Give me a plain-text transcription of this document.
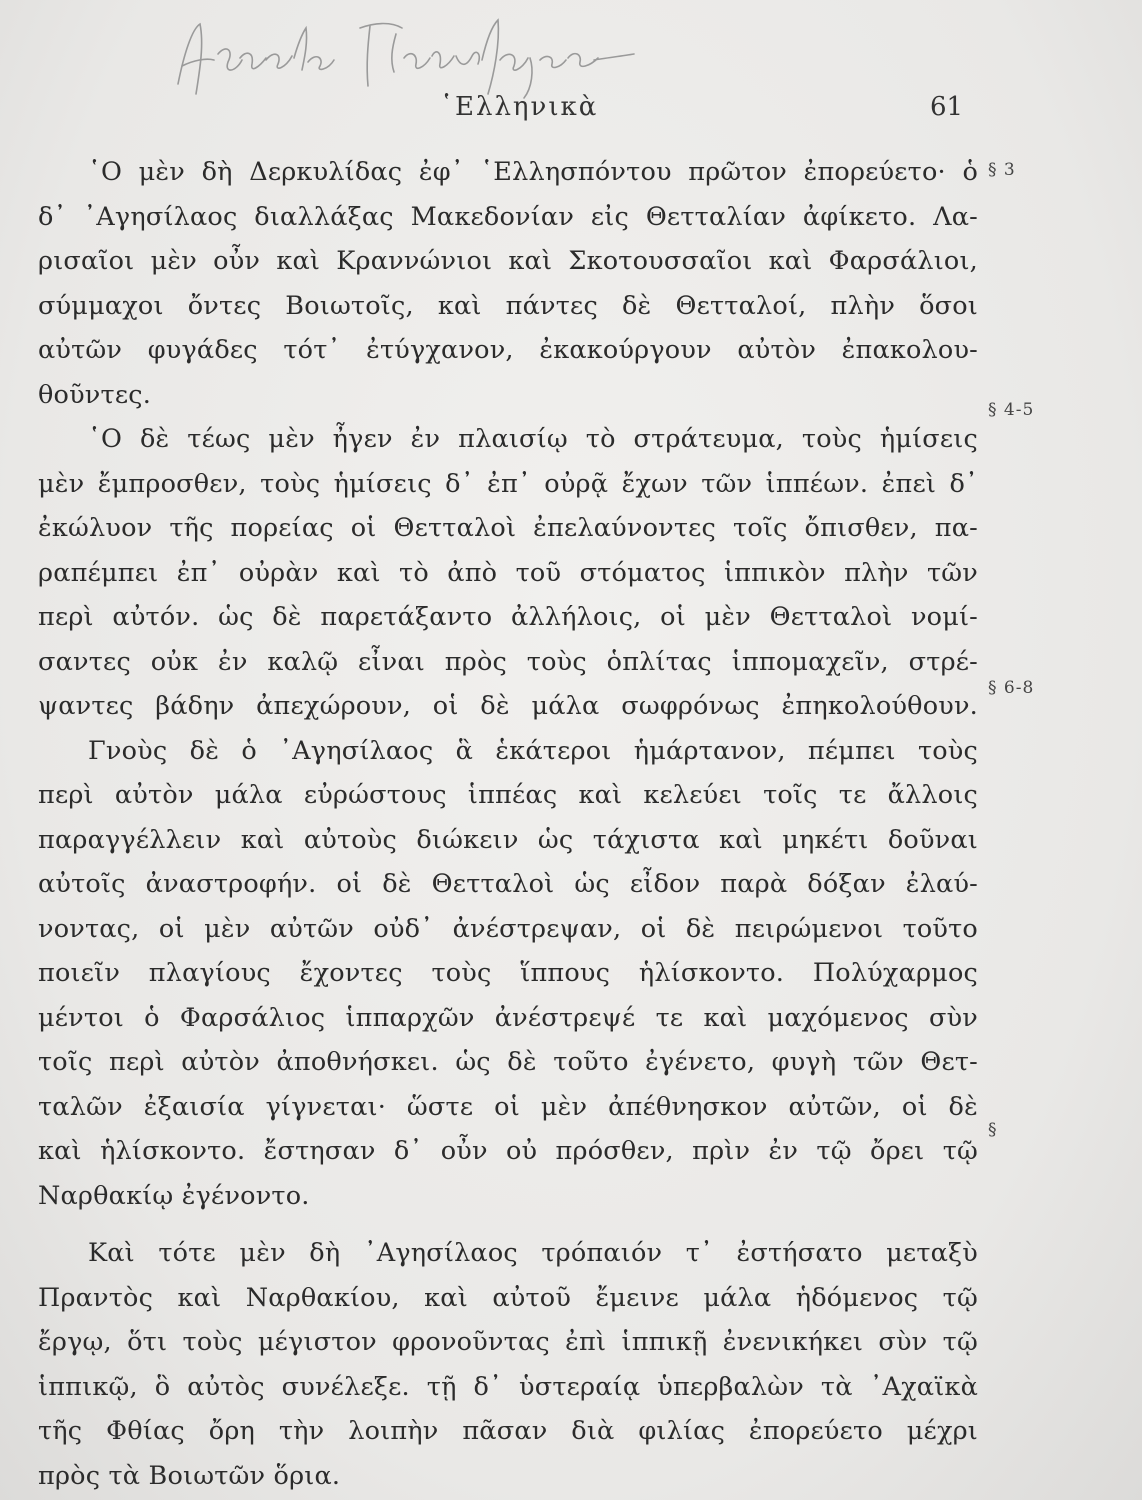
῾Ελληνικὰ	61
§ 3
§ 4-5
§ 6-8
§
῾Ο μὲν δὴ Δερκυλίδας ἐφ᾽ ῾Ελλησπόντου πρῶτον ἐπορεύετο· ὁ
δ᾽ ᾽Αγησίλαος διαλλάξας Μακεδονίαν εἰς Θετταλίαν ἀφίκετο. Λα-
ρισαῖοι μὲν οὖν καὶ Κραννώνιοι καὶ Σκοτουσσαῖοι καὶ Φαρσάλιοι,
σύμμαχοι ὄντες Βοιωτοῖς, καὶ πάντες δὲ Θετταλοί, πλὴν ὅσοι
αὐτῶν φυγάδες τότ᾽ ἐτύγχανον, ἐκακούργουν αὐτὸν ἐπακολου-
θοῦντες.
῾Ο δὲ τέως μὲν ἦγεν ἐν πλαισίῳ τὸ στράτευμα, τοὺς ἡμίσεις
μὲν ἔμπροσθεν, τοὺς ἡμίσεις δ᾽ ἐπ᾽ οὐρᾷ ἔχων τῶν ἱππέων. ἐπεὶ δ᾽
ἐκώλυον τῆς πορείας οἱ Θετταλοὶ ἐπελαύνοντες τοῖς ὄπισθεν, πα-
ραπέμπει ἐπ᾽ οὐρὰν καὶ τὸ ἀπὸ τοῦ στόματος ἱππικὸν πλὴν τῶν
περὶ αὐτόν. ὡς δὲ παρετάξαντο ἀλλήλοις, οἱ μὲν Θετταλοὶ νομί-
σαντες οὐκ ἐν καλῷ εἶναι πρὸς τοὺς ὁπλίτας ἱππομαχεῖν, στρέ-
ψαντες βάδην ἀπεχώρουν, οἱ δὲ μάλα σωφρόνως ἐπηκολούθουν.
Γνοὺς δὲ ὁ ᾽Αγησίλαος ἃ ἑκάτεροι ἡμάρτανον, πέμπει τοὺς
περὶ αὐτὸν μάλα εὐρώστους ἱππέας καὶ κελεύει τοῖς τε ἄλλοις
παραγγέλλειν καὶ αὐτοὺς διώκειν ὡς τάχιστα καὶ μηκέτι δοῦναι
αὐτοῖς ἀναστροφήν. οἱ δὲ Θετταλοὶ ὡς εἶδον παρὰ δόξαν ἐλαύ-
νοντας, οἱ μὲν αὐτῶν οὐδ᾽ ἀνέστρεψαν, οἱ δὲ πειρώμενοι τοῦτο
ποιεῖν πλαγίους ἔχοντες τοὺς ἵππους ἡλίσκοντο. Πολύχαρμος
μέντοι ὁ Φαρσάλιος ἱππαρχῶν ἀνέστρεψέ τε καὶ μαχόμενος σὺν
τοῖς περὶ αὐτὸν ἀποθνήσκει. ὡς δὲ τοῦτο ἐγένετο, φυγὴ τῶν Θετ-
ταλῶν ἐξαισία γίγνεται· ὥστε οἱ μὲν ἀπέθνησκον αὐτῶν, οἱ δὲ
καὶ ἡλίσκοντο. ἔστησαν δ᾽ οὖν οὐ πρόσθεν, πρὶν ἐν τῷ ὄρει τῷ
Ναρθακίῳ ἐγένοντο.
Καὶ τότε μὲν δὴ ᾽Αγησίλαος τρόπαιόν τ᾽ ἐστήσατο μεταξὺ
Πραντὸς καὶ Ναρθακίου, καὶ αὐτοῦ ἔμεινε μάλα ἡδόμενος τῷ
ἔργῳ, ὅτι τοὺς μέγιστον φρονοῦντας ἐπὶ ἱππικῇ ἐνενικήκει σὺν τῷ
ἱππικῷ, ὃ αὐτὸς συνέλεξε. τῇ δ᾽ ὑστεραίᾳ ὑπερβαλὼν τὰ ᾽Αχαϊκὰ
τῆς Φθίας ὄρη τὴν λοιπὴν πᾶσαν διὰ φιλίας ἐπορεύετο μέχρι
πρὸς τὰ Βοιωτῶν ὅρια.
